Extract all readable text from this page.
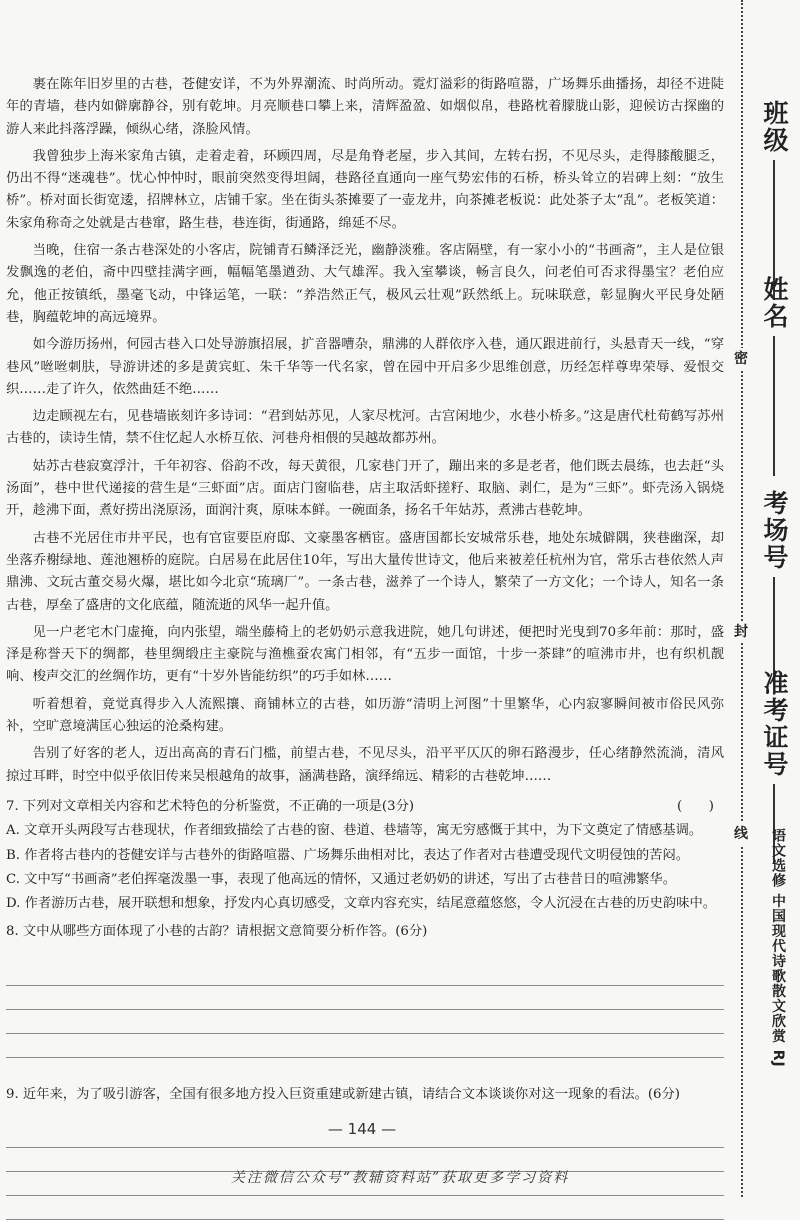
裹在陈年旧岁里的古巷，苍健安详，不为外界潮流、时尚所动。霓灯溢彩的街路喧嚣，广场舞乐曲播扬，却径不进陡年的青墙，巷内如僻廓静谷，别有乾坤。月亮顺巷口攀上来，清辉盈盈、如烟似帛，巷路枕着朦胧山影，迎候访古探幽的游人来此抖落浮躁，倾纵心绪，涤脸风情。

我曾独步上海米家角古镇，走着走着，环顾四周，尽是角脊老屋，步入其间，左转右拐，不见尽头，走得膝酸腿乏，仍出不得“迷魂巷”。忧心忡忡时，眼前突然变得坦阔，巷路径直通向一座气势宏伟的石桥，桥头耸立的岩碑上刻：“放生桥”。桥对面长街宽逶，招牌林立，店铺千家。坐在街头茶摊要了一壶龙井，向茶摊老板说：此处茶子太“乱”。老板笑道：朱家角称奇之处就是古巷窜，路生巷，巷连街，街通路，绵延不尽。

当晚，住宿一条古巷深处的小客店，院铺青石鳞泽泛光，幽静淡雅。客店隔壁，有一家小小的“书画斋”，主人是位银发飘逸的老伯，斋中四壁挂满字画，幅幅笔墨遒劲、大气雄浑。我入室攀谈，畅言良久，问老伯可否求得墨宝？老伯应允，他正按镇纸，墨毫飞动，中锋运笔，一联：“养浩然正气，极风云壮观”跃然纸上。玩味联意，彰显胸火平民身处陋巷，胸蕴乾坤的高远境界。

如今游历扬州，何园古巷入口处导游旗招展，扩音器嘈杂，鼎沸的人群依序入巷，通仄跟进前行，头悬青天一线，“穿巷风”咝咝刺肤，导游讲述的多是黄宾虹、朱千华等一代名家，曾在园中开启多少思维创意，历经怎样尊卑荣辱、爱恨交织……走了许久，依然曲廷不绝……

边走顾视左右，见巷墙嵌刻许多诗词：“君到姑苏见，人家尽枕河。古宫闲地少，水巷小桥多。”这是唐代杜荀鹤写苏州古巷的，读诗生情，禁不住忆起人水桥互依、河巷舟相偎的吴越故都苏州。

姑苏古巷寂寞浮汁，千年初容、俗韵不改，每天黄很，几家巷门开了，蹦出来的多是老者，他们既去晨练，也去赶“头汤面”，巷中世代递接的营生是“三虾面”店。面店门窗临巷，店主取活虾搓籽、取脑、剥仁，是为“三虾”。虾壳汤入锅烧开，趁沸下面，煮好捞出浇原汤，面润汁爽，原味本鲜。一碗面条，扬名千年姑苏，煮沸古巷乾坤。

古巷不光居住市井平民，也有官宦要臣府邸、文豪墨客栖宦。盛唐国都长安城常乐巷，地处东城僻隅，狭巷幽深，却坐落乔榭绿地、莲池翘桥的庭院。白居易在此居住10年，写出大量传世诗文，他后来被差任杭州为官，常乐古巷依然人声鼎沸、文玩古董交易火爆，堪比如今北京“琉璃厂”。一条古巷，滋养了一个诗人，繁荣了一方文化；一个诗人，知名一条古巷，厚垒了盛唐的文化底蕴，随流逝的风华一起升值。

见一户老宅木门虚掩，向内张望，端坐藤椅上的老奶奶示意我进院，她几句讲述，便把时光曳到70多年前：那时，盛泽是称誉天下的绸都，巷里绸缎庄主豪院与渔樵蚕农寓门相邻，有“五步一面馆，十步一茶肆”的喧沸市井，也有织机靓响、梭声交汇的丝绸作坊，更有“十岁外皆能纺织”的巧手如林……

听着想着，竟觉真得步入人流熙攘、商铺林立的古巷，如历游“清明上河图”十里繁华，心内寂寥瞬间被市俗民风弥补，空旷意境满匡心独运的沧桑构建。

告别了好客的老人，迈出高高的青石门槛，前望古巷，不见尽头，沿平平仄仄的卵石路漫步，任心绪静然流淌，清风掠过耳畔，时空中似乎依旧传来吴根越角的故事，涵满巷路，演绎绵远、精彩的古巷乾坤……

7. 下列对文章相关内容和艺术特色的分析鉴赏，不正确的一项是(3分)	(　　)

A. 文章开头两段写古巷现状，作者细致描绘了古巷的窗、巷道、巷墙等，寓无穷感慨于其中，为下文奠定了情感基调。

B. 作者将古巷内的苍健安详与古巷外的街路喧嚣、广场舞乐曲相对比，表达了作者对古巷遭受现代文明侵蚀的苦闷。

C. 文中写“书画斋”老伯挥毫泼墨一事，表现了他高远的情怀，又通过老奶奶的讲述，写出了古巷昔日的喧沸繁华。

D. 作者游历古巷，展开联想和想象，抒发内心真切感受，文章内容充实，结尾意蕴悠悠，令人沉浸在古巷的历史韵味中。

8. 文中从哪些方面体现了小巷的古韵？请根据文意简要分析作答。(6分)

9. 近年来，为了吸引游客，全国有很多地方投入巨资重建或新建古镇，请结合文本谈谈你对这一现象的看法。(6分)

— 144 —
关注微信公众号“教辅资料站”获取更多学习资料
密
封
线
班级
姓名
考场号
准考证号
语文选修 中国现代诗歌散文欣赏 RJ
